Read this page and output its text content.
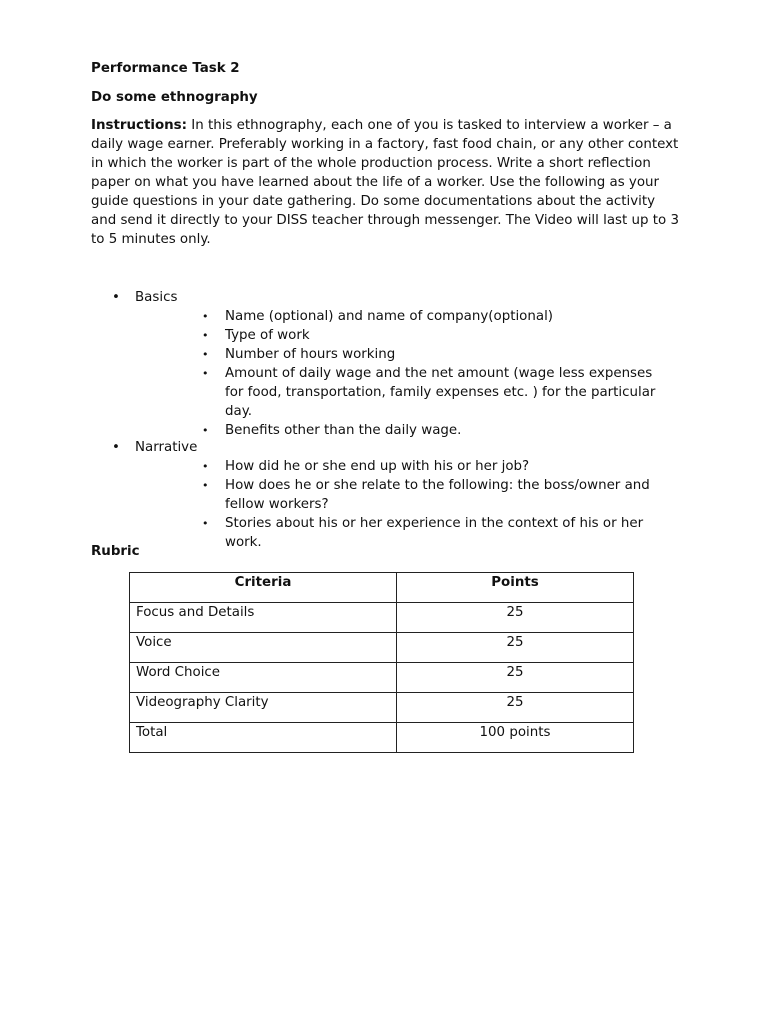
Performance Task 2

Do some ethnography

Instructions: In this ethnography, each one of you is tasked to interview a worker – a daily wage earner. Preferably working in a factory, fast food chain, or any other context in which the worker is part of the whole production process. Write a short reflection paper on what you have learned about the life of a worker. Use the following as your guide questions in your date gathering. Do some documentations about the activity and send it directly to your DISS teacher through messenger. The Video will last up to 3 to 5 minutes only.

• Basics
• Name (optional) and name of company(optional)
• Type of work
• Number of hours working
• Amount of daily wage and the net amount (wage less expenses for food, transportation, family expenses etc. ) for the particular day.
• Benefits other than the daily wage.
• Narrative
• How did he or she end up with his or her job?
• How does he or she relate to the following: the boss/owner and fellow workers?
• Stories about his or her experience in the context of his or her work.

Rubric

Criteria	Points
Focus and Details	25
Voice	25
Word Choice	25
Videography Clarity	25
Total	100 points
